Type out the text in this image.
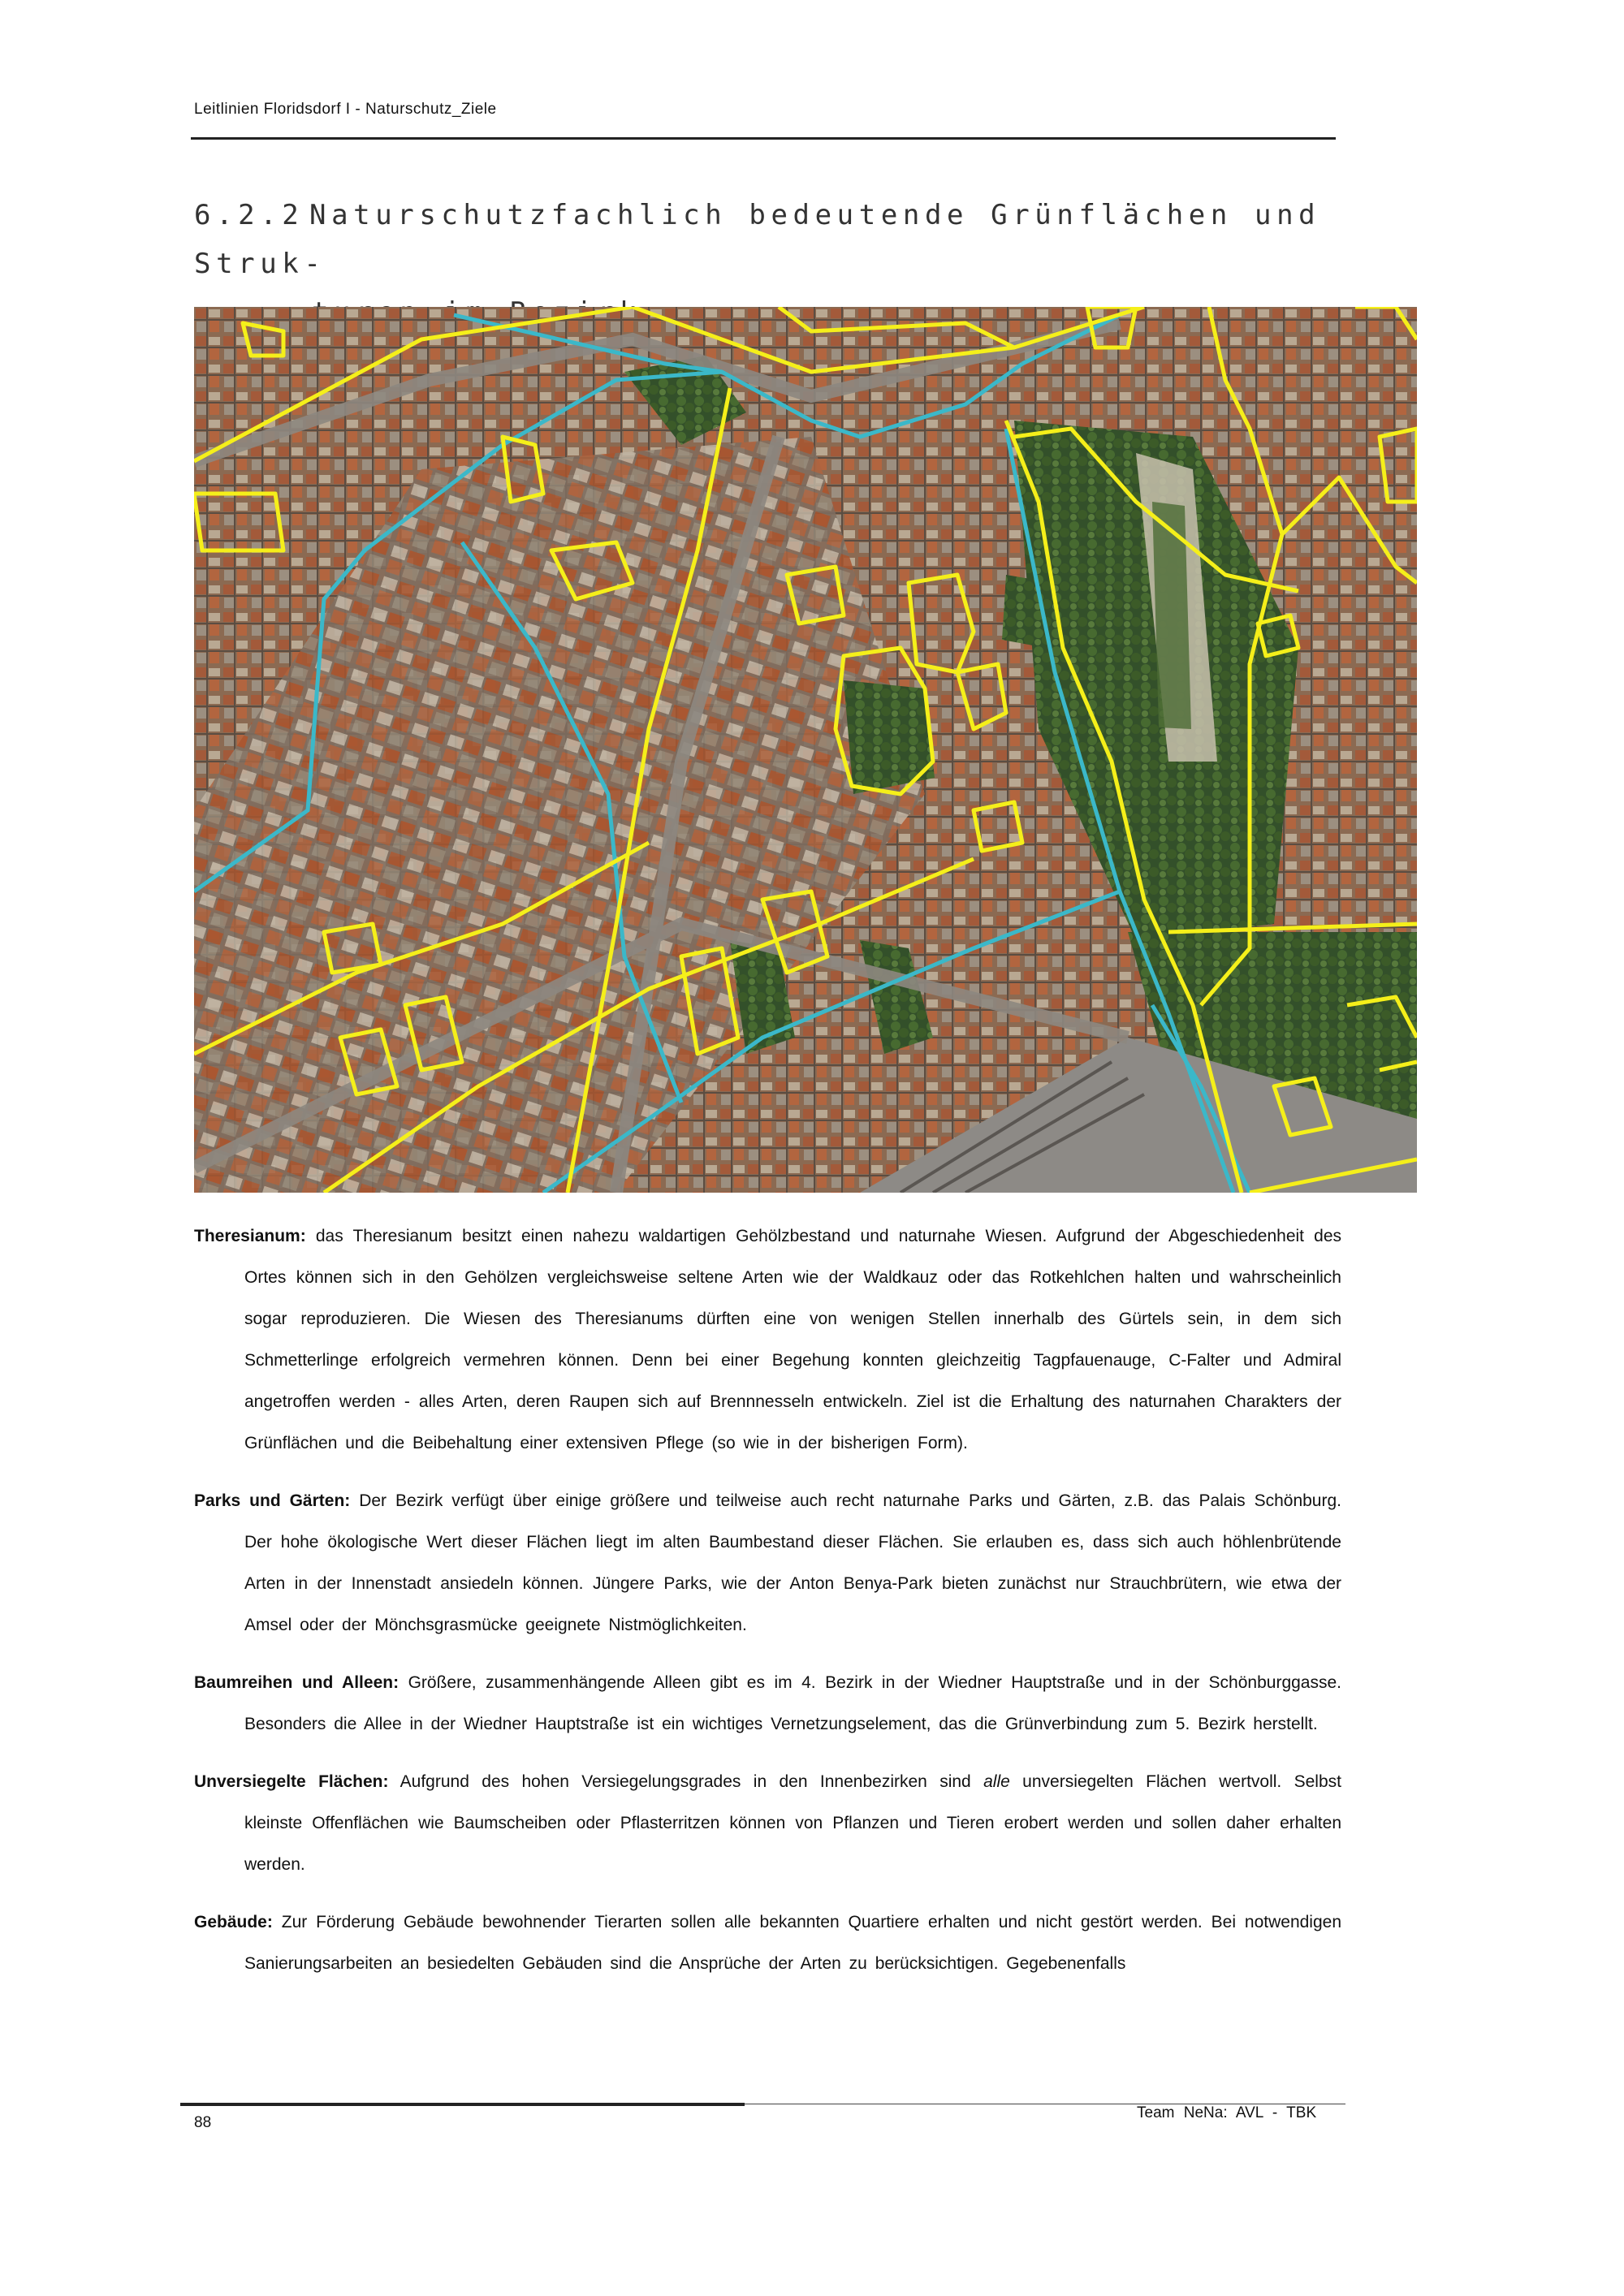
Leitlinien Floridsdorf I - Naturschutz_Ziele
6.2.2 Naturschutzfachlich bedeutende Grünflächen und Struk-

Theresianum: das Theresianum besitzt einen nahezu waldartigen Gehölzbestand und naturnahe Wiesen. Aufgrund der Abgeschiedenheit des Ortes können sich in den Gehölzen vergleichsweise seltene Arten wie der Waldkauz oder das Rotkehlchen halten und wahrscheinlich sogar reproduzieren. Die Wiesen des Theresianums dürften eine von wenigen Stellen innerhalb des Gürtels sein, in dem sich Schmetterlinge erfolgreich vermehren können. Denn bei einer Begehung konnten gleichzeitig Tagpfauenauge, C-Falter und Admiral angetroffen werden - alles Arten, deren Raupen sich auf Brennnesseln entwickeln. Ziel ist die Erhaltung des naturnahen Charakters der Grünflächen und die Beibehaltung einer extensiven Pflege (so wie in der bisherigen Form).

Parks und Gärten: Der Bezirk verfügt über einige größere und teilweise auch recht naturnahe Parks und Gärten, z.B. das Palais Schönburg. Der hohe ökologische Wert dieser Flächen liegt im alten Baumbestand dieser Flächen. Sie erlauben es, dass sich auch höhlenbrütende Arten in der Innenstadt ansiedeln können. Jüngere Parks, wie der Anton Benya-Park bieten zunächst nur Strauchbrütern, wie etwa der Amsel oder der Mönchsgrasmücke geeignete Nistmöglichkeiten.

Baumreihen und Alleen: Größere, zusammenhängende Alleen gibt es im 4. Bezirk in der Wiedner Hauptstraße und in der Schönburggasse. Besonders die Allee in der Wiedner Hauptstraße ist ein wichtiges Vernetzungselement, das die Grünverbindung zum 5. Bezirk herstellt.

Unversiegelte Flächen: Aufgrund des hohen Versiegelungsgrades in den Innenbezirken sind alle unversiegelten Flächen wertvoll. Selbst kleinste Offenflächen wie Baumscheiben oder Pflasterritzen können von Pflanzen und Tieren erobert werden und sollen daher erhalten werden.

Gebäude: Zur Förderung Gebäude bewohnender Tierarten sollen alle bekannten Quartiere erhalten und nicht gestört werden. Bei notwendigen Sanierungsarbeiten an besiedelten Gebäuden sind die Ansprüche der Arten zu berücksichtigen. Gegebenenfalls

88
Team NeNa: AVL - TBK
